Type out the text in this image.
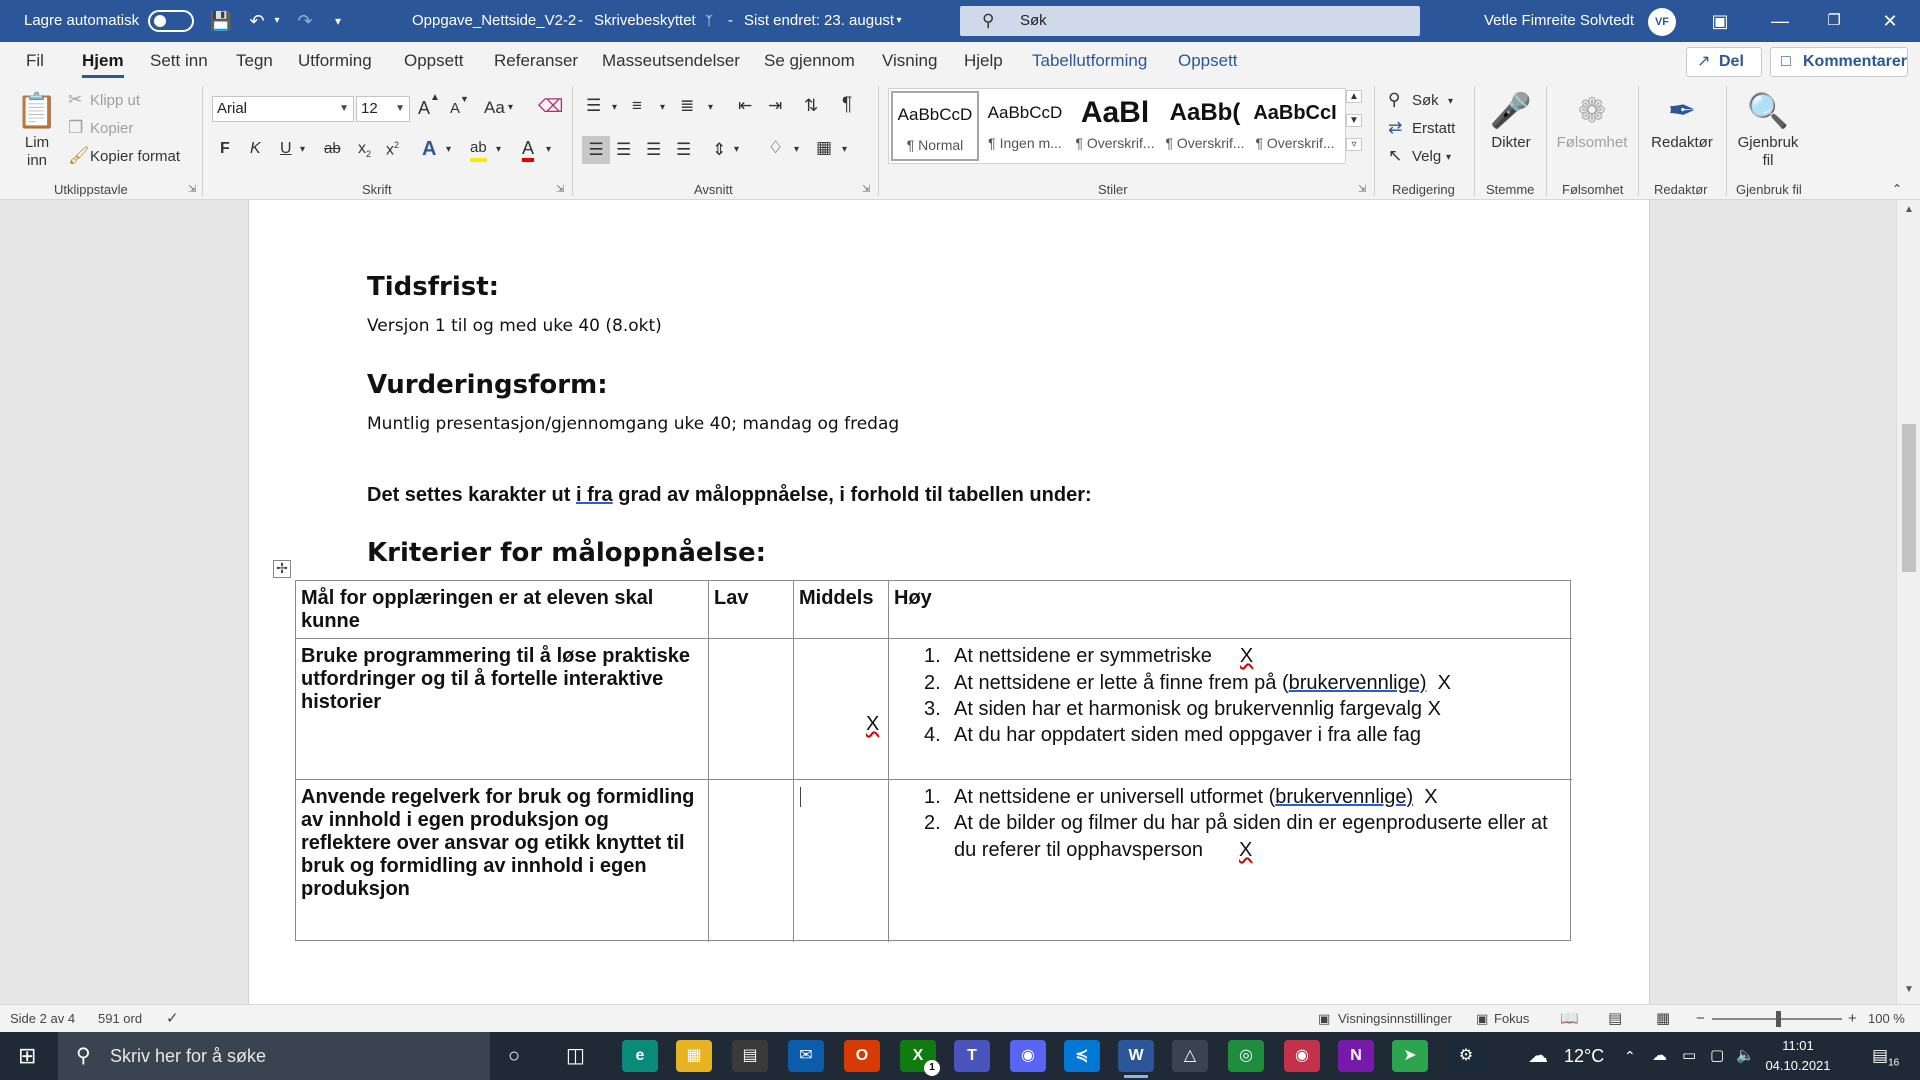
Lagre automatisk	💾 ↶ ▾ ↷	▾	Oppgave_Nettside_V2-2 - Skrivebeskyttet ᛉ	- Sist endret: 23. august ▾	⚲ Søk	Vetle Fimreite Solvtedt	VF	▣ —	❐ ✕
Fil Hjem Sett inn Tegn Utforming Oppsett Referanser Masseutsendelser Se gjennom Visning Hjelp Tabellutforming Oppsett	↗ Del	□ Kommentarer
📋
Lim
inn
✂ Klipp ut
❐ Kopier
🖌 Kopier format
Utklippstavle	⇲
Arial	▼ 12 ▼ A
▲
A
▼ Aa ▾ ⌫
F K U ▾ ab $x_2$ $x^2$ A ▾ ab ▾ A ▾
Skrift	⇲
☰ ▾ ≡ ▾ ≣ ▾ ⇤ ⇥ ⇅ ¶
☰ ☰ ☰ ☰ ⇕ ▾ ♢ ▾ ▦ ▾
Avsnitt	⇲
AaBbCcD
¶ Normal
AaBbCcD
¶ Ingen m...
AaBl
¶ Overskrif...
AaBb(
¶ Overskrif...
AaBbCcI
¶ Overskrif...
▲
▼
▿
Stiler	⇲
⚲ Søk ▾
⇄ Erstatt
↖ Velg ▾
Redigering
🎤
Dikter
Stemme
❁
Følsomhet
Følsomhet
✒
Redaktør
Redaktør
🔍
Gjenbruk
fil
Gjenbruk fil	⌃
Tidsfrist:
Versjon 1 til og med uke 40 (8.okt)
Vurderingsform:
Muntlig presentasjon/gjennomgang uke 40; mandag og fredag
Det settes karakter ut i fra grad av måloppnåelse, i forhold til tabellen under:
Kriterier for måloppnåelse:
✢
Mål for opplæringen er at eleven skal kunne
Lav	Middels Høy
Bruke programmering til å løse praktiske utfordringer og til å fortelle interaktive historier
X
1. At nettsidene er symmetriske X
2. At nettsidene er lette å finne frem på (brukervennlige) X
3. At siden har et harmonisk og brukervennlig fargevalg X
4. At du har oppdatert siden med oppgaver i fra alle fag
Anvende regelverk for bruk og formidling av innhold i egen produksjon og reflektere over ansvar og etikk knyttet til bruk og formidling av innhold i egen produksjon
1. At nettsidene er universell utformet (brukervennlige) X
2. At de bilder og filmer du har på siden din er egenproduserte eller at
du referer til opphavsperson X
▲
▼
Side 2 av 4 591 ord ✓	▣ Visningsinnstillinger ▣ Fokus 📖 ▤ ▦ −	+ 100 %
⊞ ⚲ Skriv her for å søke	○ ◫	e	▦	▤	✉	O	X
1
T	◉	≼	W	△	◎	◉	N	➤	⚙	☁ 12°C ⌃ ☁ ▭ ▢ 🔈
11:01
04.10.2021
$▤_{16}$
